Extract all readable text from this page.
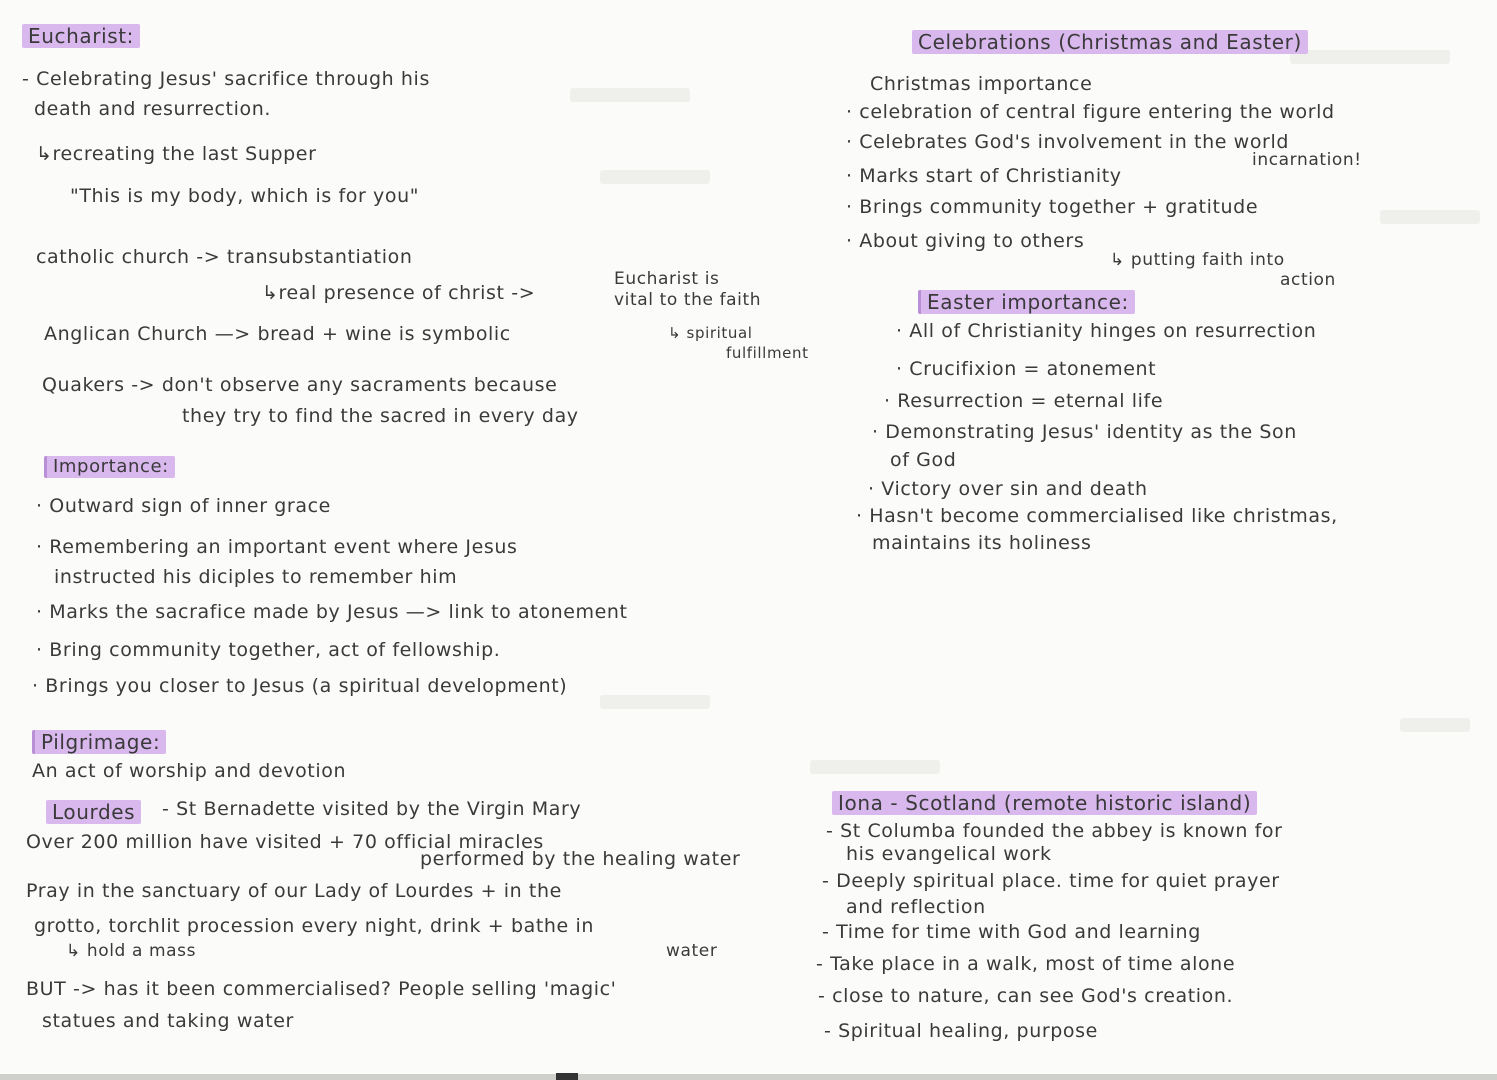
Eucharist:
- Celebrating Jesus' sacrifice through his
death and resurrection.
↳recreating the last Supper
"This is my body, which is for you"
catholic church -> transubstantiation
↳real presence of christ ->
Eucharist is
vital to the faith
↳ spiritual
fulfillment
Anglican Church —> bread + wine is symbolic
Quakers -> don't observe any sacraments because
they try to find the sacred in every day
Importance:
· Outward sign of inner grace
· Remembering an important event where Jesus
instructed his diciples to remember him
· Marks the sacrafice made by Jesus —> link to atonement
· Bring community together, act of fellowship.
· Brings you closer to Jesus (a spiritual development)
Pilgrimage:
An act of worship and devotion
Lourdes	- St Bernadette visited by the Virgin Mary
Over 200 million have visited + 70 official miracles
performed by the healing water
Pray in the sanctuary of our Lady of Lourdes + in the
grotto, torchlit procession every night, drink + bathe in
↳ hold a mass	water
BUT -> has it been commercialised? People selling 'magic'
statues and taking water
Celebrations (Christmas and Easter)
Christmas importance
· celebration of central figure entering the world
· Celebrates God's involvement in the world
incarnation!
· Marks start of Christianity
· Brings community together + gratitude
· About giving to others
↳ putting faith into
action
Easter importance:
· All of Christianity hinges on resurrection
· Crucifixion = atonement
· Resurrection = eternal life
· Demonstrating Jesus' identity as the Son
of God
· Victory over sin and death
· Hasn't become commercialised like christmas,
maintains its holiness
Iona - Scotland (remote historic island)
- St Columba founded the abbey is known for
his evangelical work
- Deeply spiritual place. time for quiet prayer
and reflection
- Time for time with God and learning
- Take place in a walk, most of time alone
- close to nature, can see God's creation.
- Spiritual healing, purpose
